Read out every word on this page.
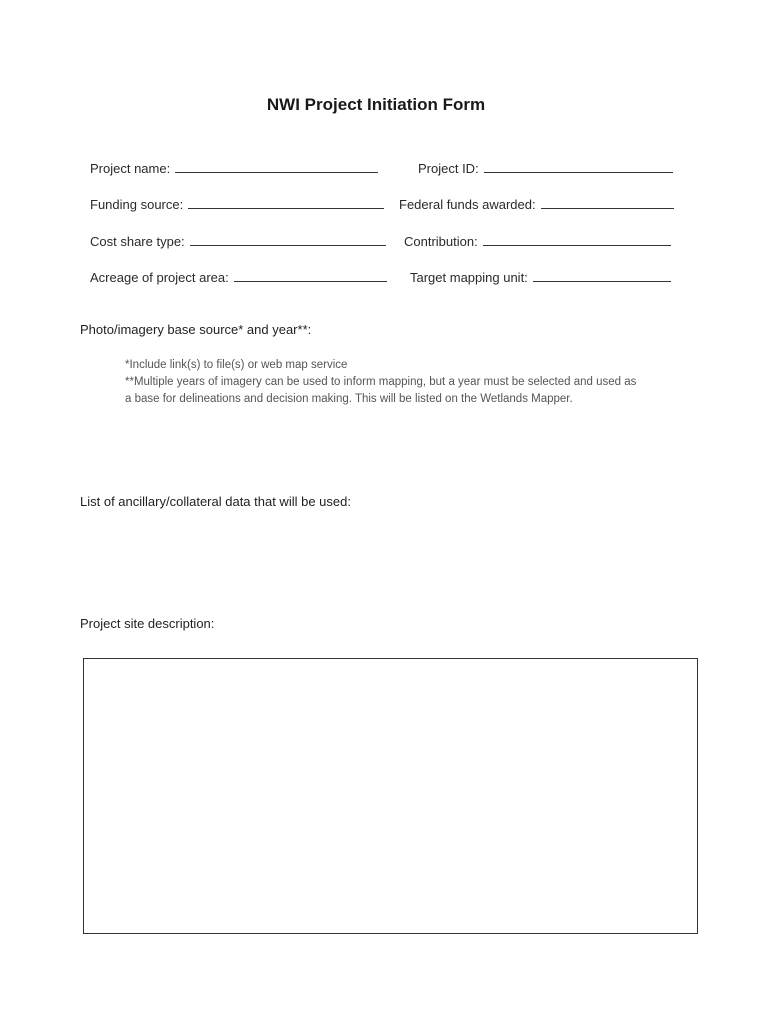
NWI Project Initiation Form
Project name:	Project ID:
Funding source:	Federal funds awarded:
Cost share type:	Contribution:
Acreage of project area:	Target mapping unit:
Photo/imagery base source* and year**:
*Include link(s) to file(s) or web map service
**Multiple years of imagery can be used to inform mapping, but a year must be selected and used as
a base for delineations and decision making. This will be listed on the Wetlands Mapper.
List of ancillary/collateral data that will be used:
Project site description:
